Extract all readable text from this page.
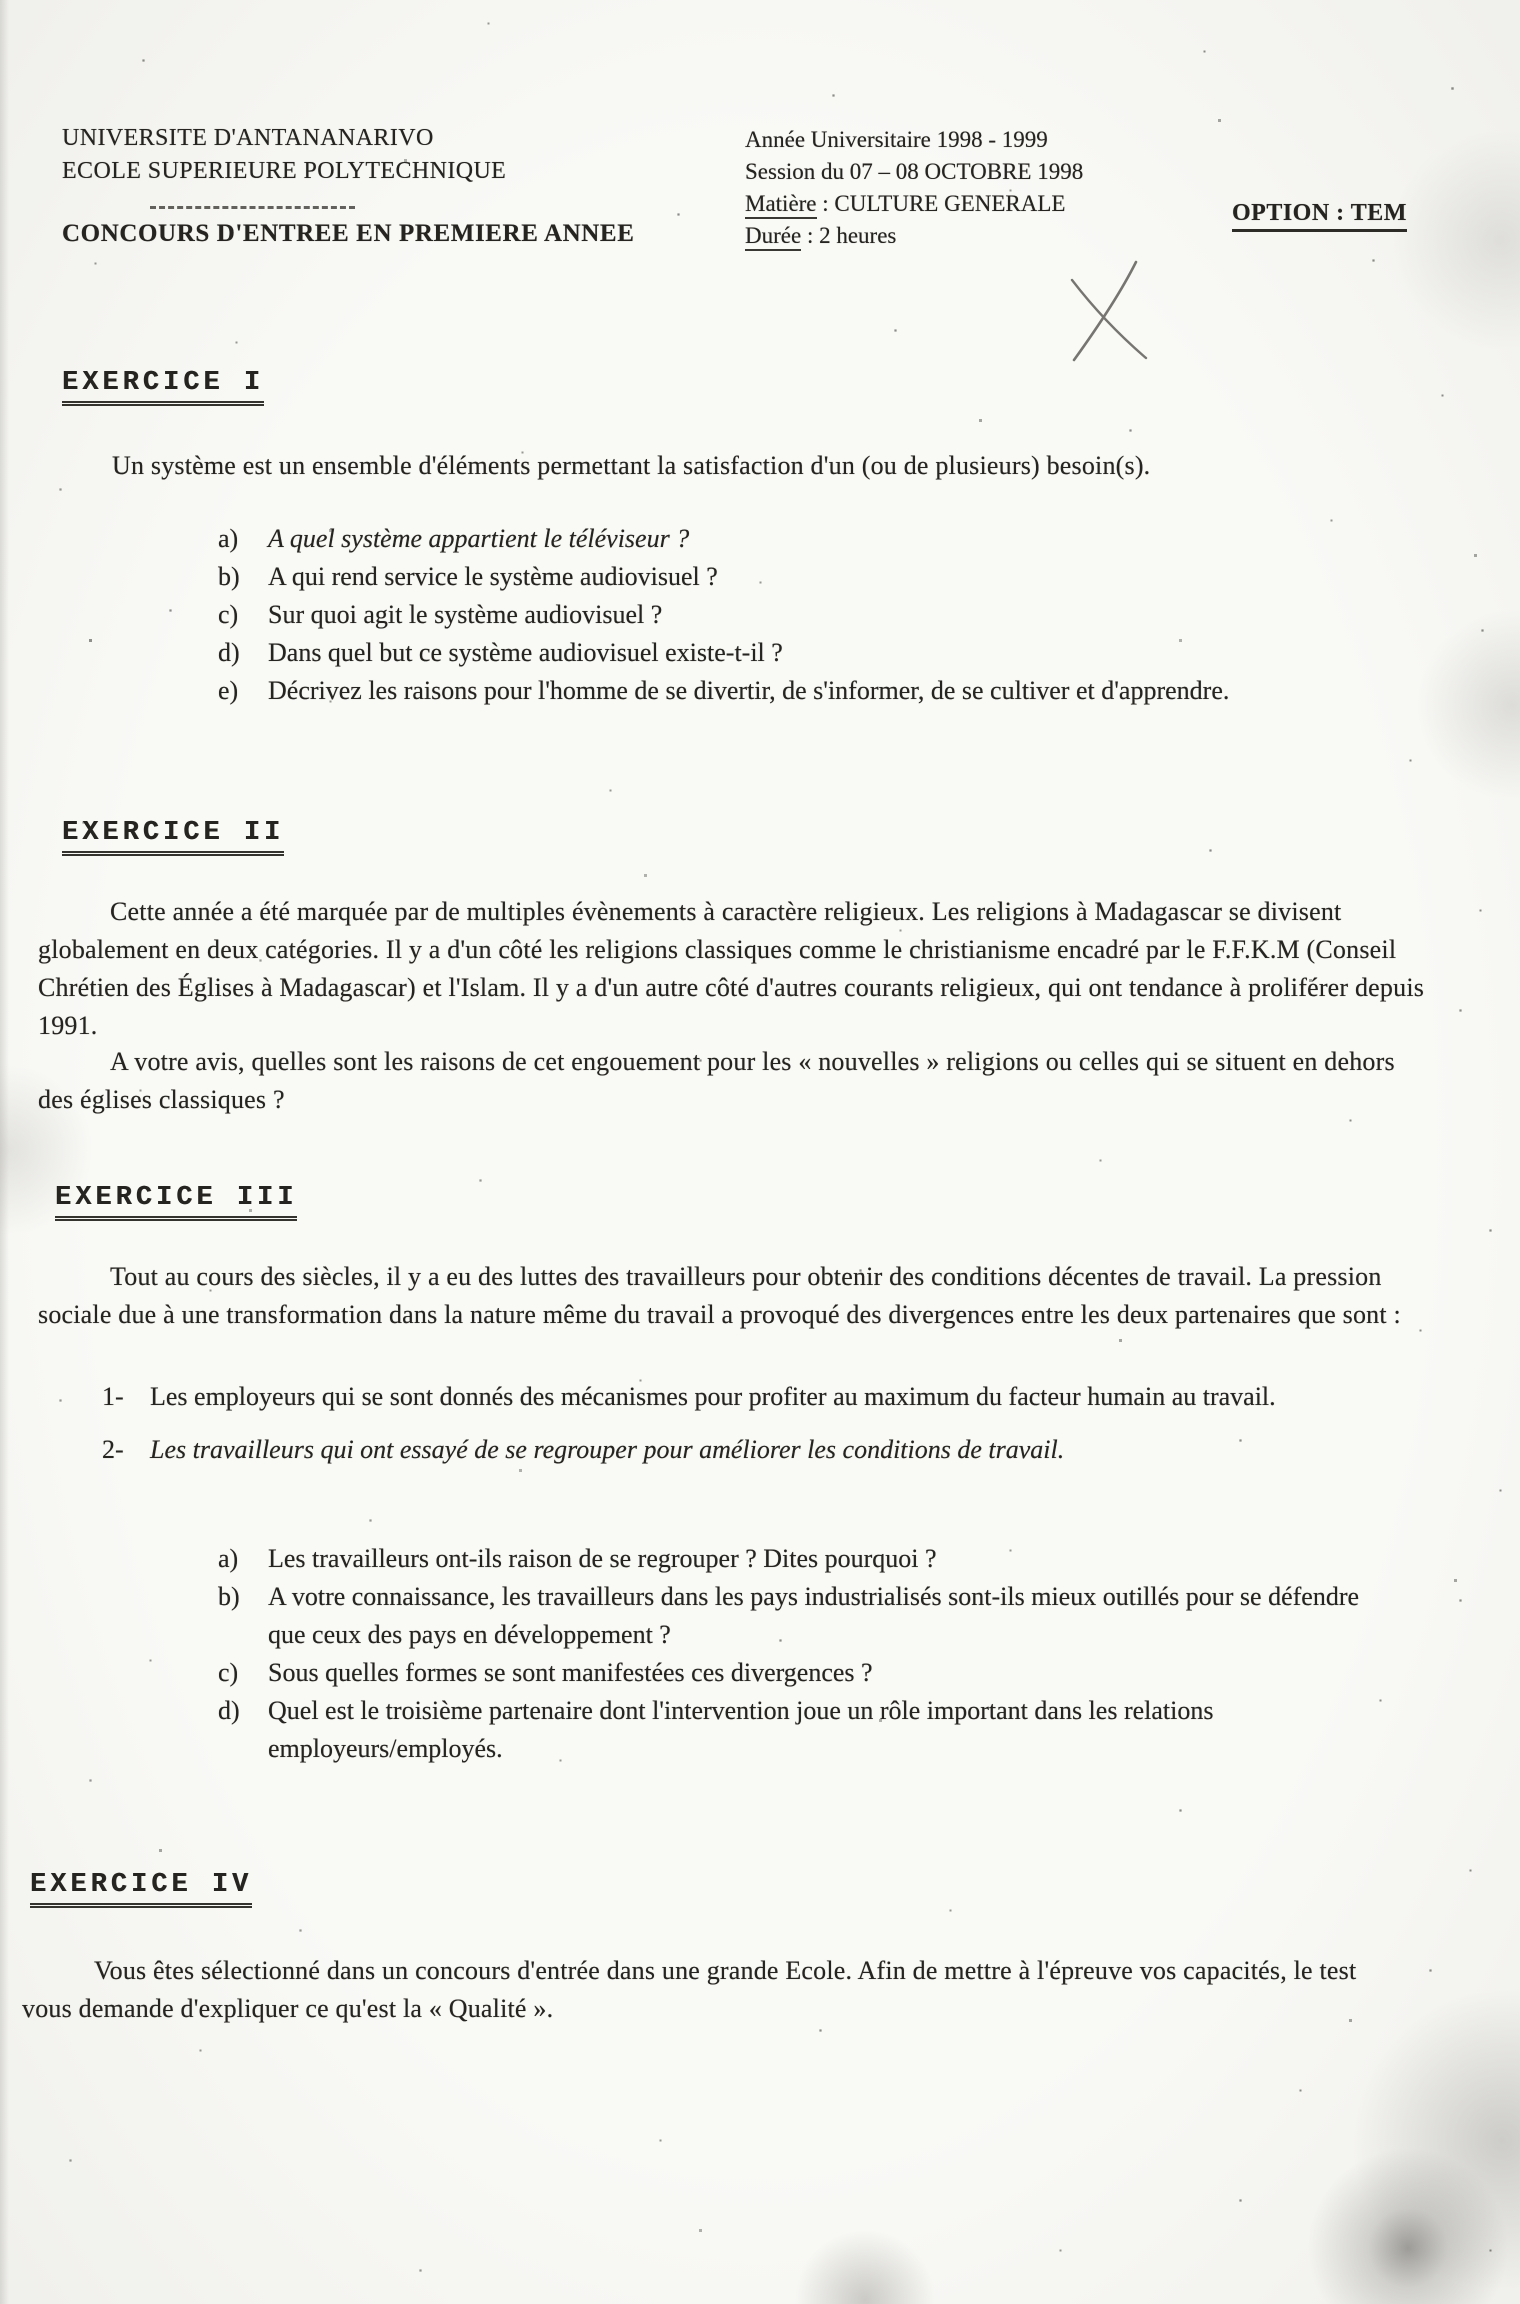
UNIVERSITE D'ANTANANARIVO
ECOLE SUPERIEURE POLYTECHNIQUE
CONCOURS D'ENTREE EN PREMIERE ANNEE
Année Universitaire 1998 - 1999
Session du 07 – 08 OCTOBRE 1998
Matière : CULTURE GENERALE
Durée : 2 heures
OPTION : TEM
EXERCICE I
Un système est un ensemble d'éléments permettant la satisfaction d'un (ou de plusieurs) besoin(s).
a)	A quel système appartient le téléviseur ?
b)	A qui rend service le système audiovisuel ?
c)	Sur quoi agit le système audiovisuel ?
d)	Dans quel but ce système audiovisuel existe-t-il ?
e)	Décrivez les raisons pour l'homme de se divertir, de s'informer, de se cultiver et d'apprendre.
EXERCICE II
Cette année a été marquée par de multiples évènements à caractère religieux. Les religions à Madagascar se divisent globalement en deux catégories. Il y a d'un côté les religions classiques comme le christianisme encadré par le F.F.K.M (Conseil Chrétien des Églises à Madagascar) et l'Islam. Il y a d'un autre côté d'autres courants religieux, qui ont tendance à proliférer depuis 1991.
A votre avis, quelles sont les raisons de cet engouement pour les « nouvelles » religions ou celles qui se situent en dehors des églises classiques ?
EXERCICE III
Tout au cours des siècles, il y a eu des luttes des travailleurs pour obtenir des conditions décentes de travail. La pression sociale due à une transformation dans la nature même du travail a provoqué des divergences entre les deux partenaires que sont :
1-	Les employeurs qui se sont donnés des mécanismes pour profiter au maximum du facteur humain au travail.
2-	Les travailleurs qui ont essayé de se regrouper pour améliorer les conditions de travail.
a)	Les travailleurs ont-ils raison de se regrouper ? Dites pourquoi ?
b)	A votre connaissance, les travailleurs dans les pays industrialisés sont-ils mieux outillés pour se défendre que ceux des pays en développement ?
c)	Sous quelles formes se sont manifestées ces divergences ?
d)	Quel est le troisième partenaire dont l'intervention joue un rôle important dans les relations employeurs/employés.
EXERCICE IV
Vous êtes sélectionné dans un concours d'entrée dans une grande Ecole. Afin de mettre à l'épreuve vos capacités, le test vous demande d'expliquer ce qu'est la « Qualité ».
